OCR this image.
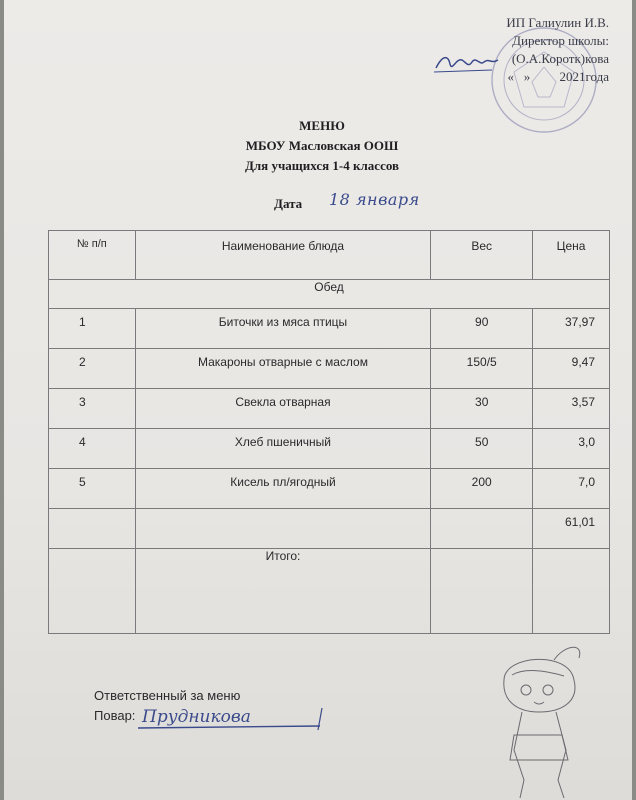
ИП Галиулин И.В.
Директор школы:
(О.А.Коротк)кова
«   »         2021года
МЕНЮ
МБОУ Масловская ООШ
Для учащихся 1-4 классов
Дата 18 января
№ п/п	Наименование блюда	Вес	Цена
Обед			
1	Биточки из мяса птицы	90	37,97
2	Макароны отварные с маслом	150/5	9,47
3	Свекла отварная	30	3,57
4	Хлеб пшеничный	50	3,0
5	Кисель пл/ягодный	200	7,0
			61,01
	Итого:		
Ответственный за меню
Повар: Прудникова
